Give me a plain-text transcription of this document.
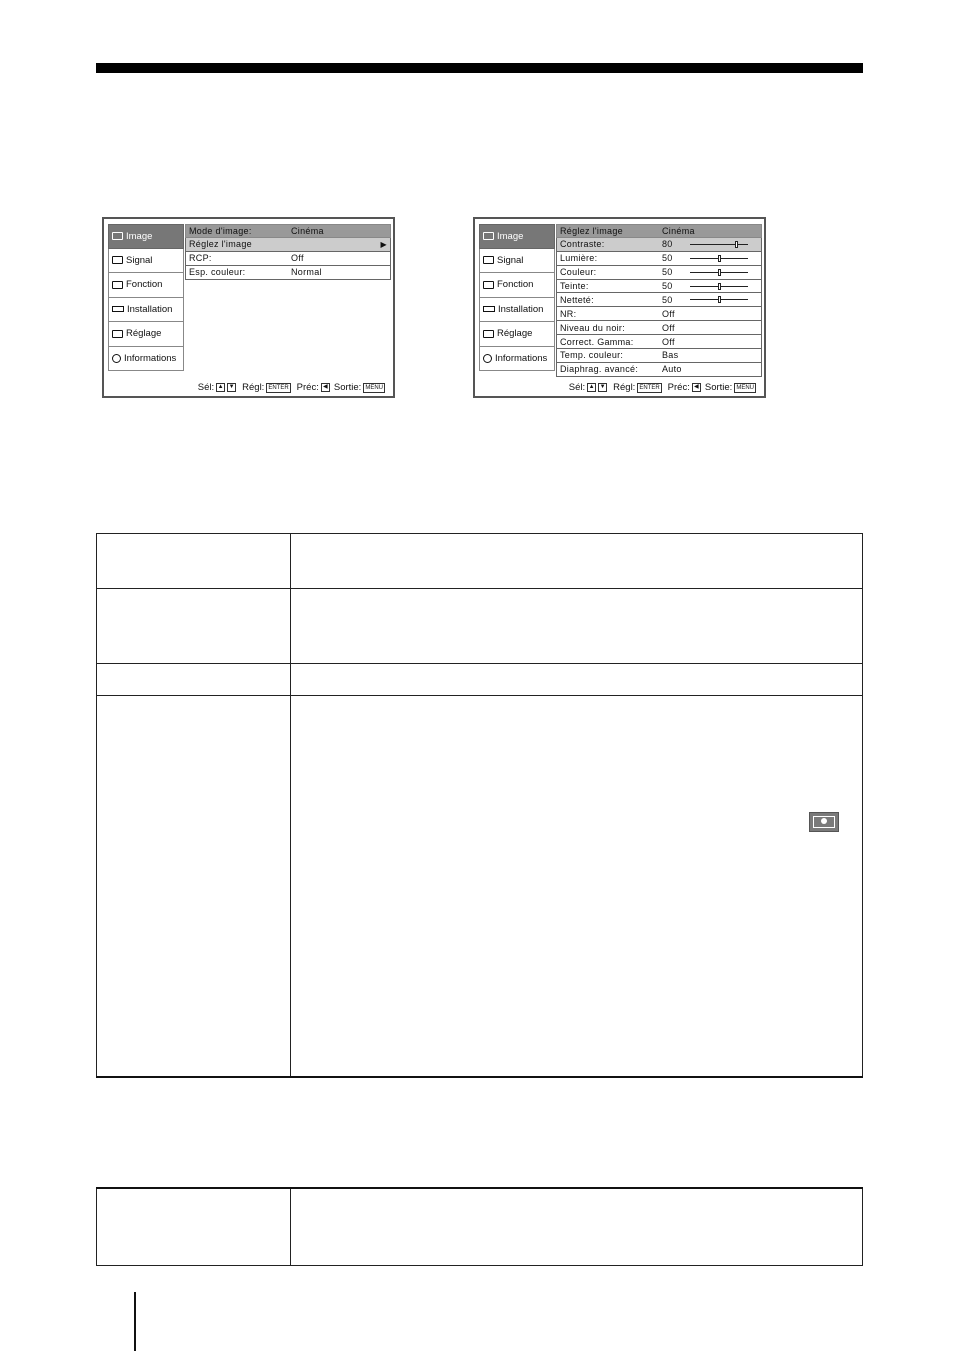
Image
Signal
Fonction
Installation
Réglage
Informations
Mode d'image:	Cinéma
Réglez l'image	▶
RCP:	Off
Esp. couleur:	Normal
Sél: ▲ ▼ Régl: ENTER Préc: ◀ Sortie: MENU
Image
Signal
Fonction
Installation
Réglage
Informations
Réglez l'image	Cinéma
Contraste:	80
Lumière:	50
Couleur:	50
Teinte:	50
Netteté:	50
NR:	Off
Niveau du noir:	Off
Correct. Gamma:	Off
Temp. couleur:	Bas
Diaphrag. avancé:	Auto
Sél: ▲ ▼ Régl: ENTER Préc: ◀ Sortie: MENU
